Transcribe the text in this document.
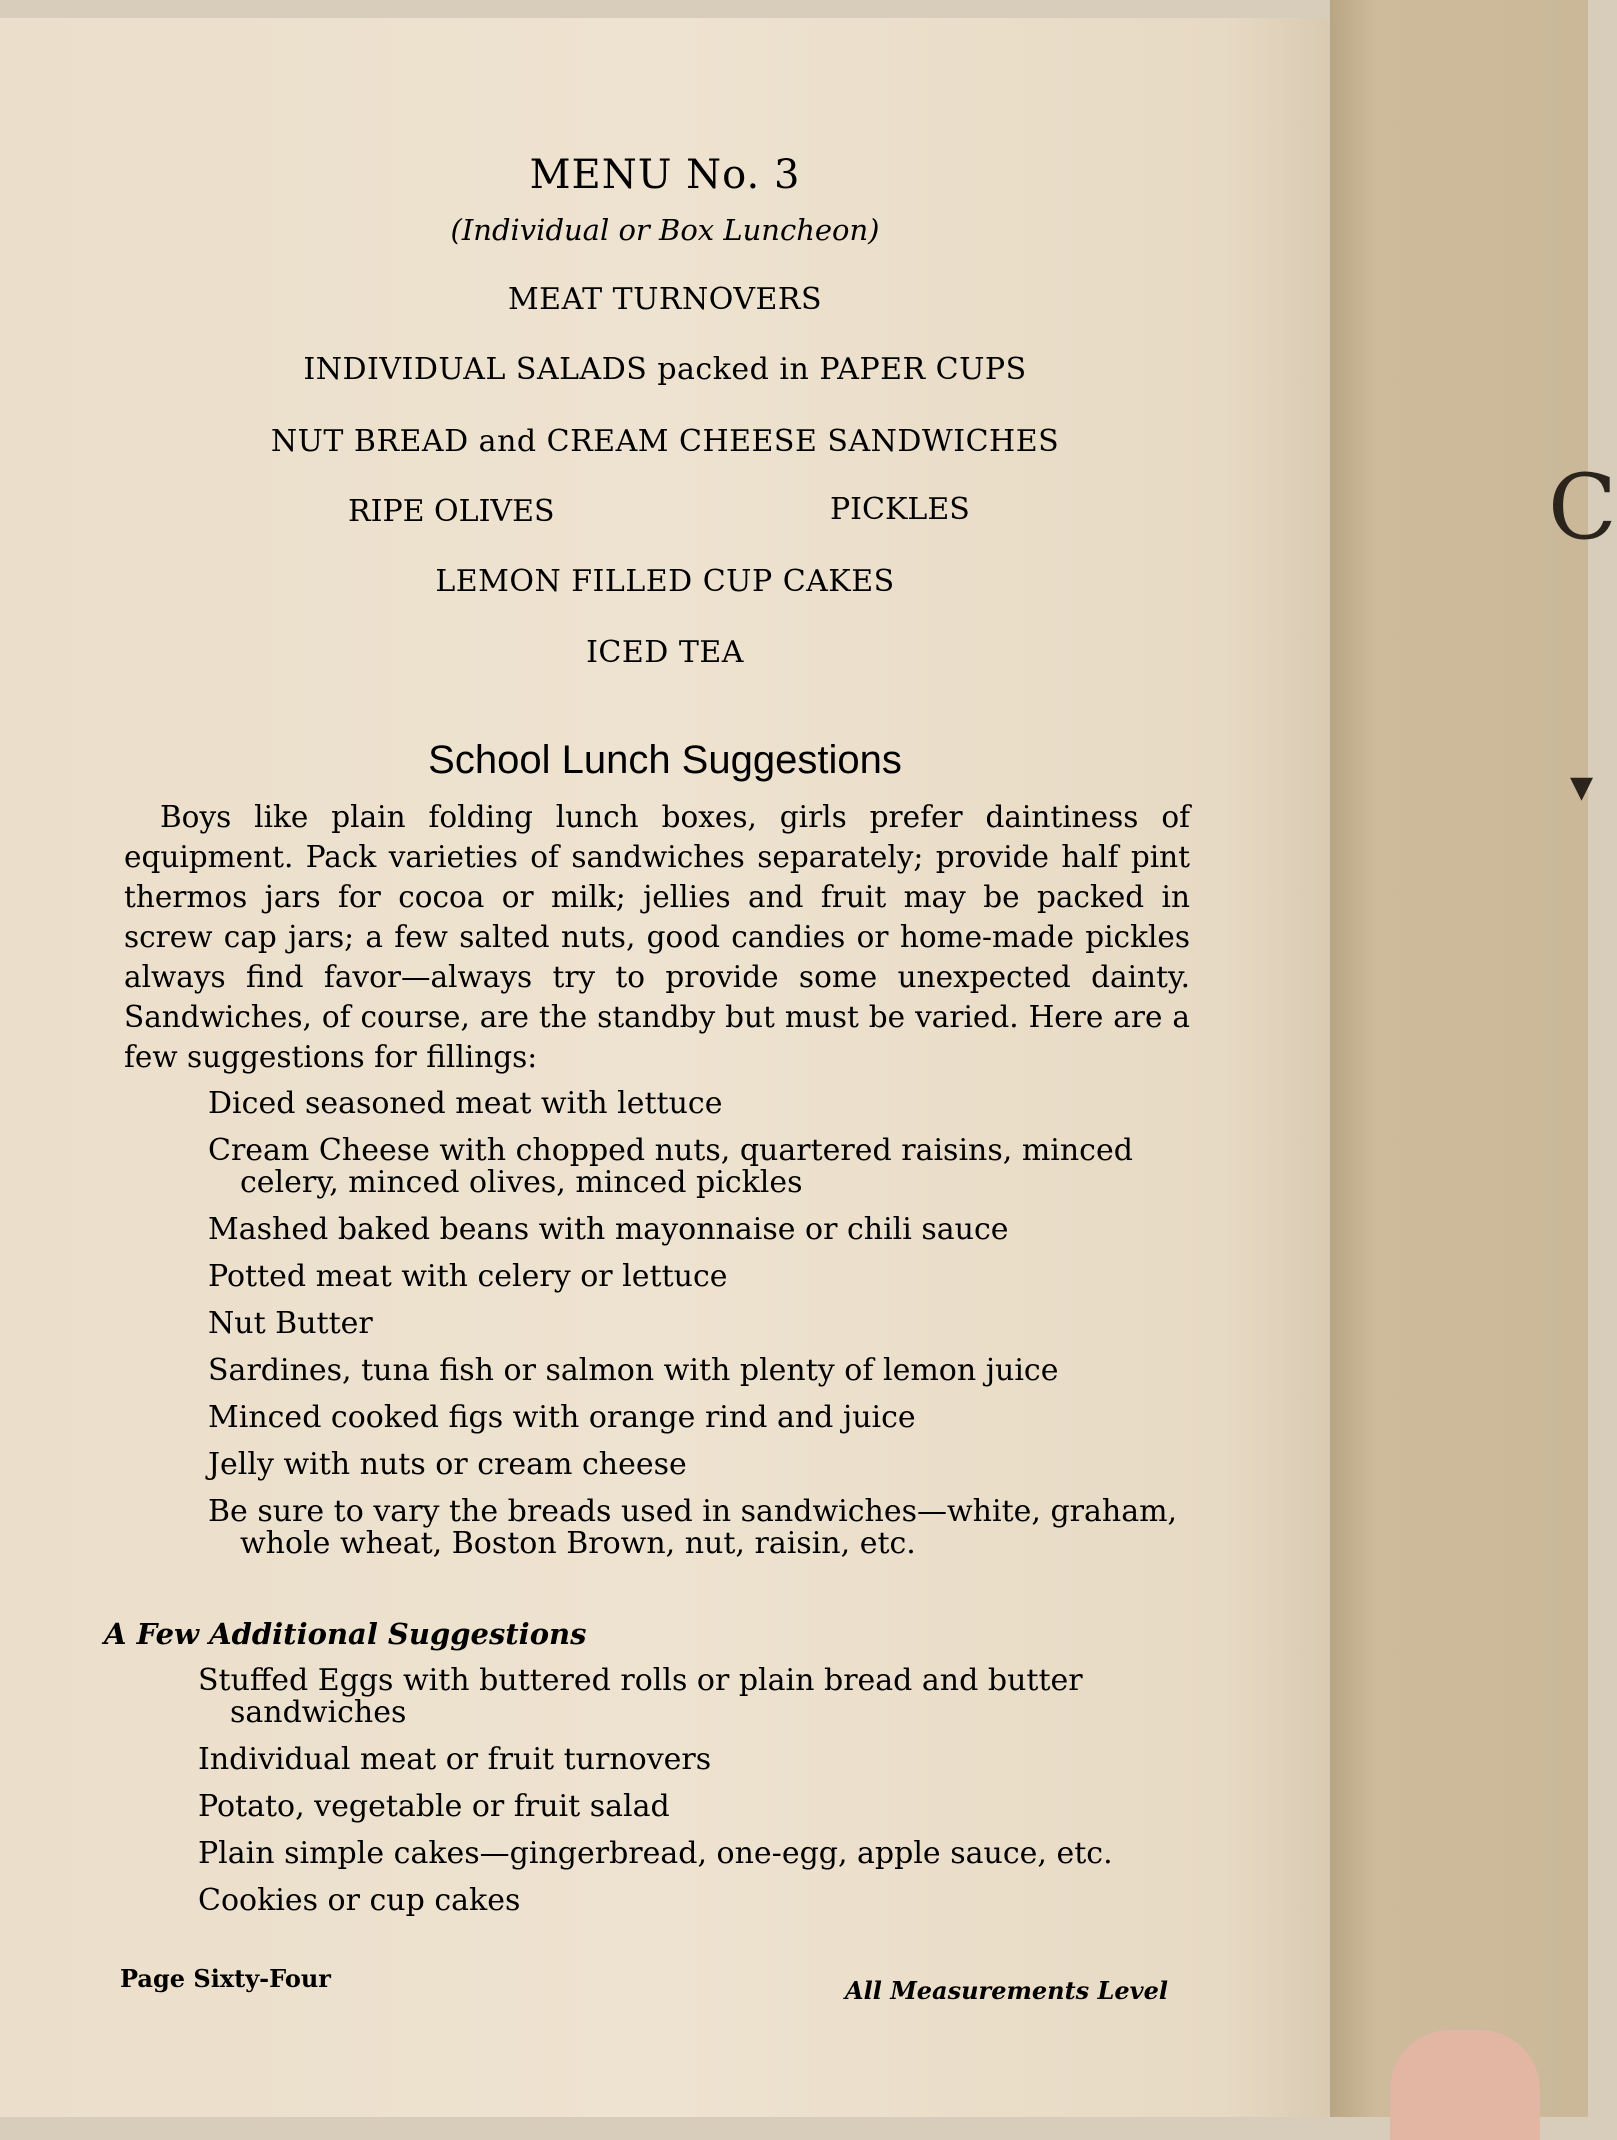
C
▼
MENU No. 3
(Individual or Box Luncheon)
MEAT TURNOVERS
INDIVIDUAL SALADS packed in PAPER CUPS
NUT BREAD and CREAM CHEESE SANDWICHES
RIPE OLIVES	PICKLES
LEMON FILLED CUP CAKES
ICED TEA
School Lunch Suggestions
Boys like plain folding lunch boxes, girls prefer daintiness of equipment. Pack varieties of sandwiches separately; provide half pint thermos jars for cocoa or milk; jellies and fruit may be packed in screw cap jars; a few salted nuts, good candies or home-made pickles always find favor—always try to provide some unexpected dainty. Sandwiches, of course, are the standby but must be varied. Here are a few suggestions for fillings:
Diced seasoned meat with lettuce
Cream Cheese with chopped nuts, quartered raisins, minced celery, minced olives, minced pickles
Mashed baked beans with mayonnaise or chili sauce
Potted meat with celery or lettuce
Nut Butter
Sardines, tuna fish or salmon with plenty of lemon juice
Minced cooked figs with orange rind and juice
Jelly with nuts or cream cheese
Be sure to vary the breads used in sandwiches—white, graham, whole wheat, Boston Brown, nut, raisin, etc.
A Few Additional Suggestions
Stuffed Eggs with buttered rolls or plain bread and butter sandwiches
Individual meat or fruit turnovers
Potato, vegetable or fruit salad
Plain simple cakes—gingerbread, one-egg, apple sauce, etc.
Cookies or cup cakes
Page Sixty-Four	All Measurements Level
